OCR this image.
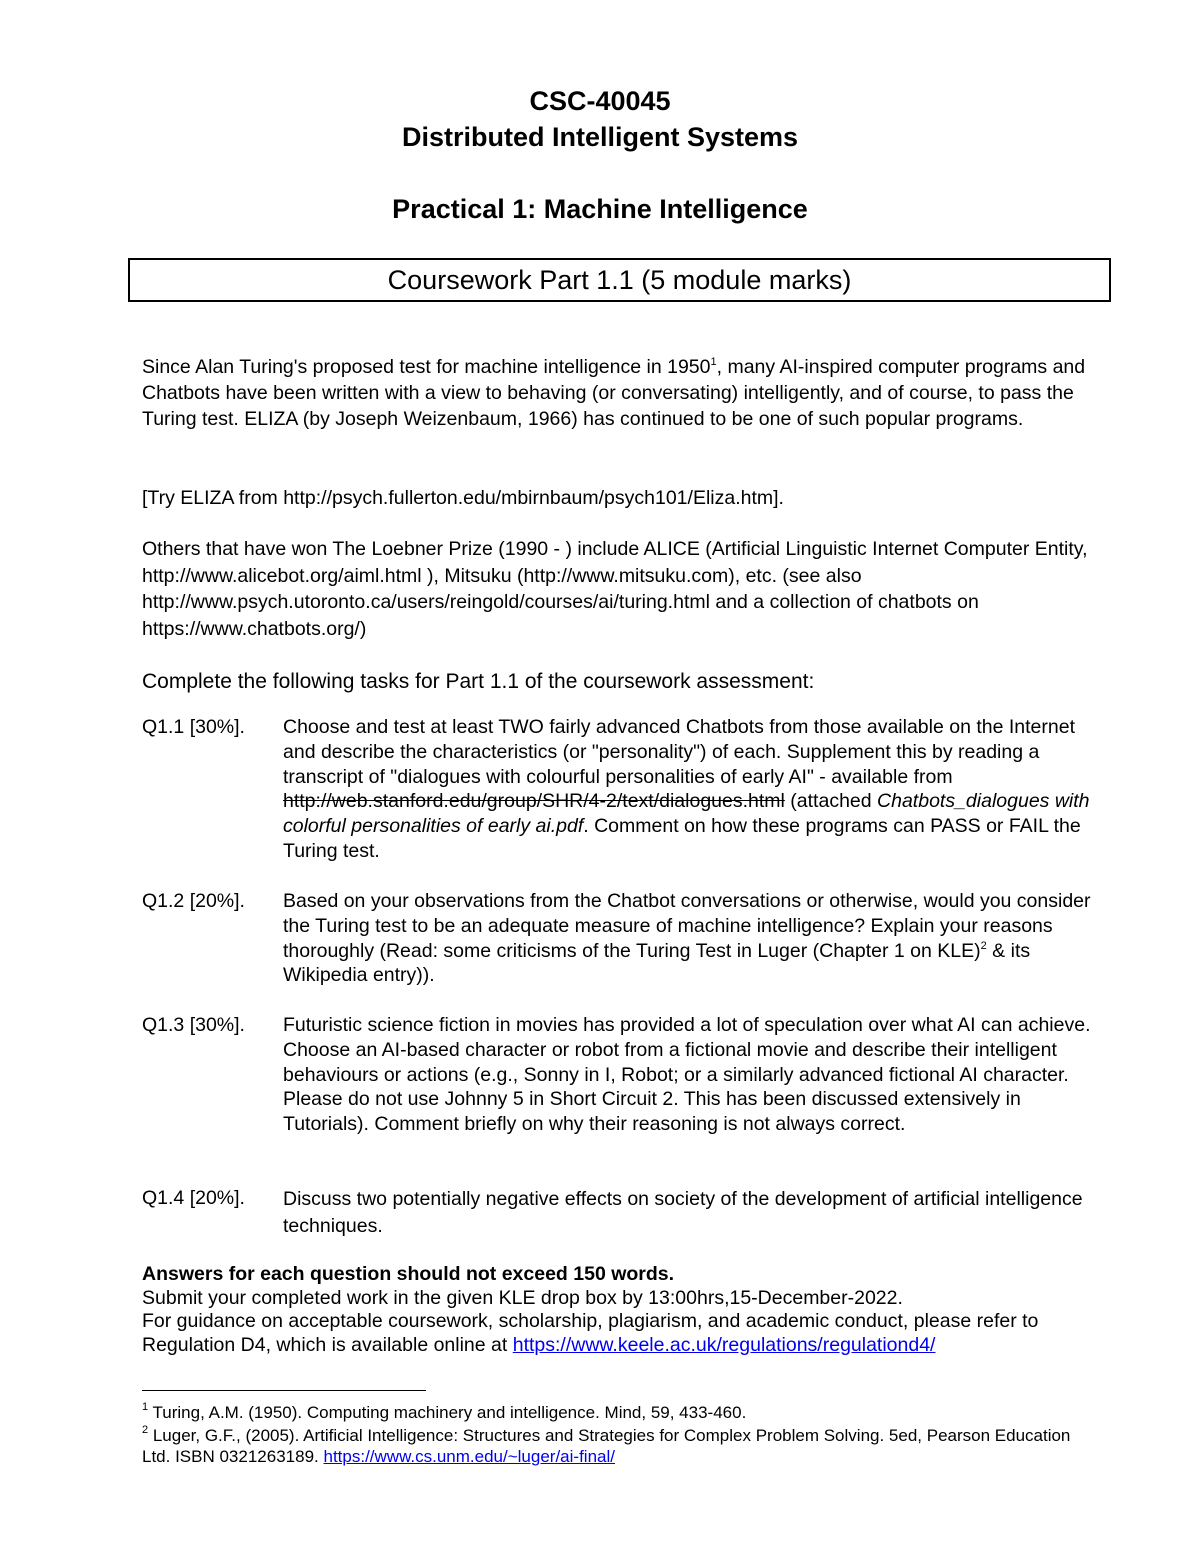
CSC-40045
Distributed Intelligent Systems
Practical 1: Machine Intelligence
Coursework Part 1.1 (5 module marks)

Since Alan Turing's proposed test for machine intelligence in 1950$^1$, many AI-inspired computer programs and Chatbots have been written with a view to behaving (or conversating) intelligently, and of course, to pass the Turing test. ELIZA (by Joseph Weizenbaum, 1966) has continued to be one of such popular programs.

[Try ELIZA from http://psych.fullerton.edu/mbirnbaum/psych101/Eliza.htm].

Others that have won The Loebner Prize (1990 - ) include ALICE (Artificial Linguistic Internet Computer Entity, http://www.alicebot.org/aiml.html ), Mitsuku (http://www.mitsuku.com), etc. (see also http://www.psych.utoronto.ca/users/reingold/courses/ai/turing.html and a collection of chatbots on https://www.chatbots.org/)

Complete the following tasks for Part 1.1 of the coursework assessment:

Q1.1 [30%]. Choose and test at least TWO fairly advanced Chatbots from those available on the Internet and describe the characteristics (or "personality") of each. Supplement this by reading a transcript of "dialogues with colourful personalities of early AI" - available from http://web.stanford.edu/group/SHR/4-2/text/dialogues.html (attached Chatbots_dialogues with colorful personalities of early ai.pdf. Comment on how these programs can PASS or FAIL the Turing test.

Q1.2 [20%]. Based on your observations from the Chatbot conversations or otherwise, would you consider the Turing test to be an adequate measure of machine intelligence? Explain your reasons thoroughly (Read: some criticisms of the Turing Test in Luger (Chapter 1 on KLE)$^2$ & its Wikipedia entry)).

Q1.3 [30%]. Futuristic science fiction in movies has provided a lot of speculation over what AI can achieve. Choose an AI-based character or robot from a fictional movie and describe their intelligent behaviours or actions (e.g., Sonny in I, Robot; or a similarly advanced fictional AI character. Please do not use Johnny 5 in Short Circuit 2. This has been discussed extensively in Tutorials). Comment briefly on why their reasoning is not always correct.

Q1.4 [20%]. Discuss two potentially negative effects on society of the development of artificial intelligence techniques.

Answers for each question should not exceed 150 words.
Submit your completed work in the given KLE drop box by 13:00hrs,15-December-2022.
For guidance on acceptable coursework, scholarship, plagiarism, and academic conduct, please refer to Regulation D4, which is available online at https://www.keele.ac.uk/regulations/regulationd4/

$^1$ Turing, A.M. (1950). Computing machinery and intelligence. Mind, 59, 433-460.

$^2$ Luger, G.F., (2005). Artificial Intelligence: Structures and Strategies for Complex Problem Solving. 5ed, Pearson Education Ltd. ISBN 0321263189. https://www.cs.unm.edu/~luger/ai-final/
